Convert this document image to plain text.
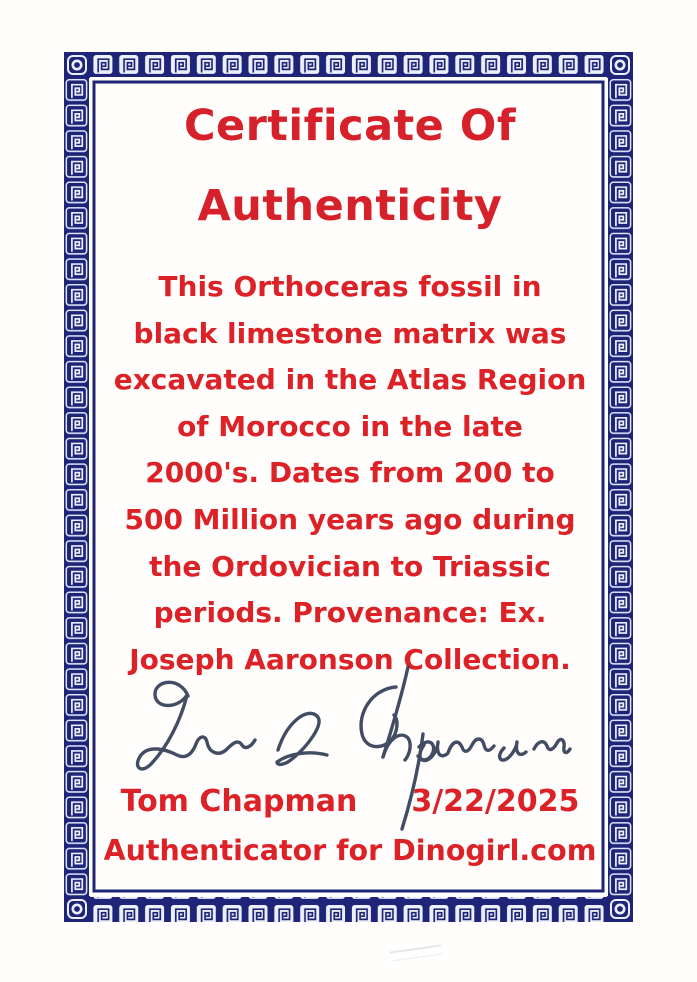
Certificate Of
Authenticity
This Orthoceras fossil in
black limestone matrix was
excavated in the Atlas Region
of Morocco in the late
2000's. Dates from 200 to
500 Million years ago during
the Ordovician to Triassic
periods. Provenance: Ex.
Joseph Aaronson Collection.
Tom Chapman 3/22/2025
Authenticator for Dinogirl.com
